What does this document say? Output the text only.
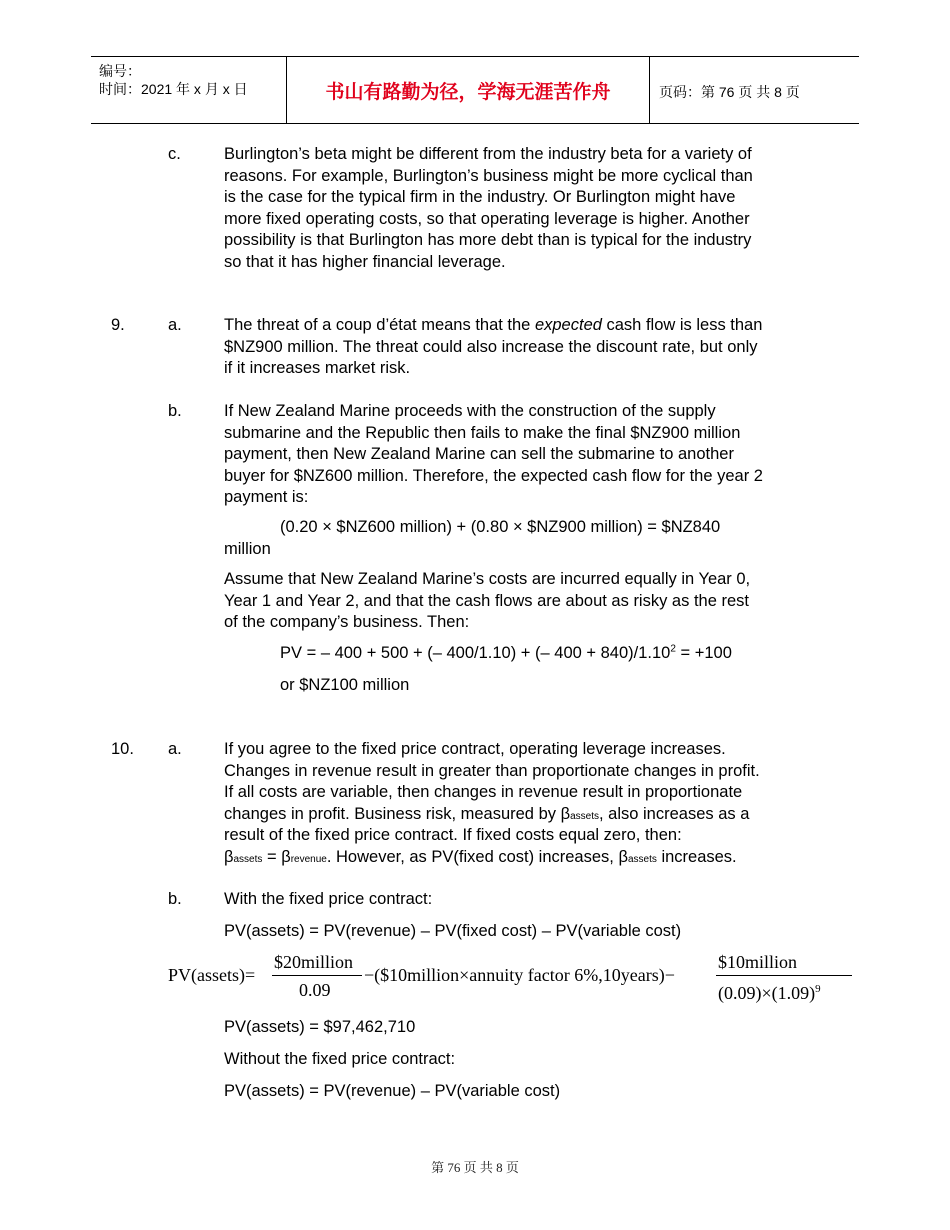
编号：
时间：2021 年 x 月 x 日	书山有路勤为径，学海无涯苦作舟	页码：第 76 页 共 8 页
c.	Burlington’s beta might be different from the industry beta for a variety of
reasons. For example, Burlington’s business might be more cyclical than
is the case for the typical firm in the industry. Or Burlington might have
more fixed operating costs, so that operating leverage is higher. Another
possibility is that Burlington has more debt than is typical for the industry
so that it has higher financial leverage.
9.	a.	The threat of a coup d’état means that the expected cash flow is less than
$NZ900 million. The threat could also increase the discount rate, but only
if it increases market risk.
b.	If New Zealand Marine proceeds with the construction of the supply
submarine and the Republic then fails to make the final $NZ900 million
payment, then New Zealand Marine can sell the submarine to another
buyer for $NZ600 million. Therefore, the expected cash flow for the year 2
payment is:
(0.20 × $NZ600 million) + (0.80 × $NZ900 million) = $NZ840
million
Assume that New Zealand Marine’s costs are incurred equally in Year 0,
Year 1 and Year 2, and that the cash flows are about as risky as the rest
of the company’s business. Then:
PV = – 400 + 500 + (– 400/1.10) + (– $400 + 840)/1.10^2 = +100$
or $NZ100 million
10. a.	If you agree to the fixed price contract, operating leverage increases.
Changes in revenue result in greater than proportionate changes in profit.
If all costs are variable, then changes in revenue result in proportionate
changes in profit. Business risk, measured by βassets, also increases as a
result of the fixed price contract. If fixed costs equal zero, then:
βassets = βrevenue. However, as PV(fixed cost) increases, βassets increases.
b.	With the fixed price contract:
PV(assets) = PV(revenue) – PV(fixed cost) – PV(variable cost)
PV(assets)=
$20million
0.09
−($10million×annuity factor 6%,10years)−
$10million
$(0.09)\times(1.09)^9$
PV(assets) = $97,462,710
Without the fixed price contract:
PV(assets) = PV(revenue) – PV(variable cost)
第 76 页 共 8 页
